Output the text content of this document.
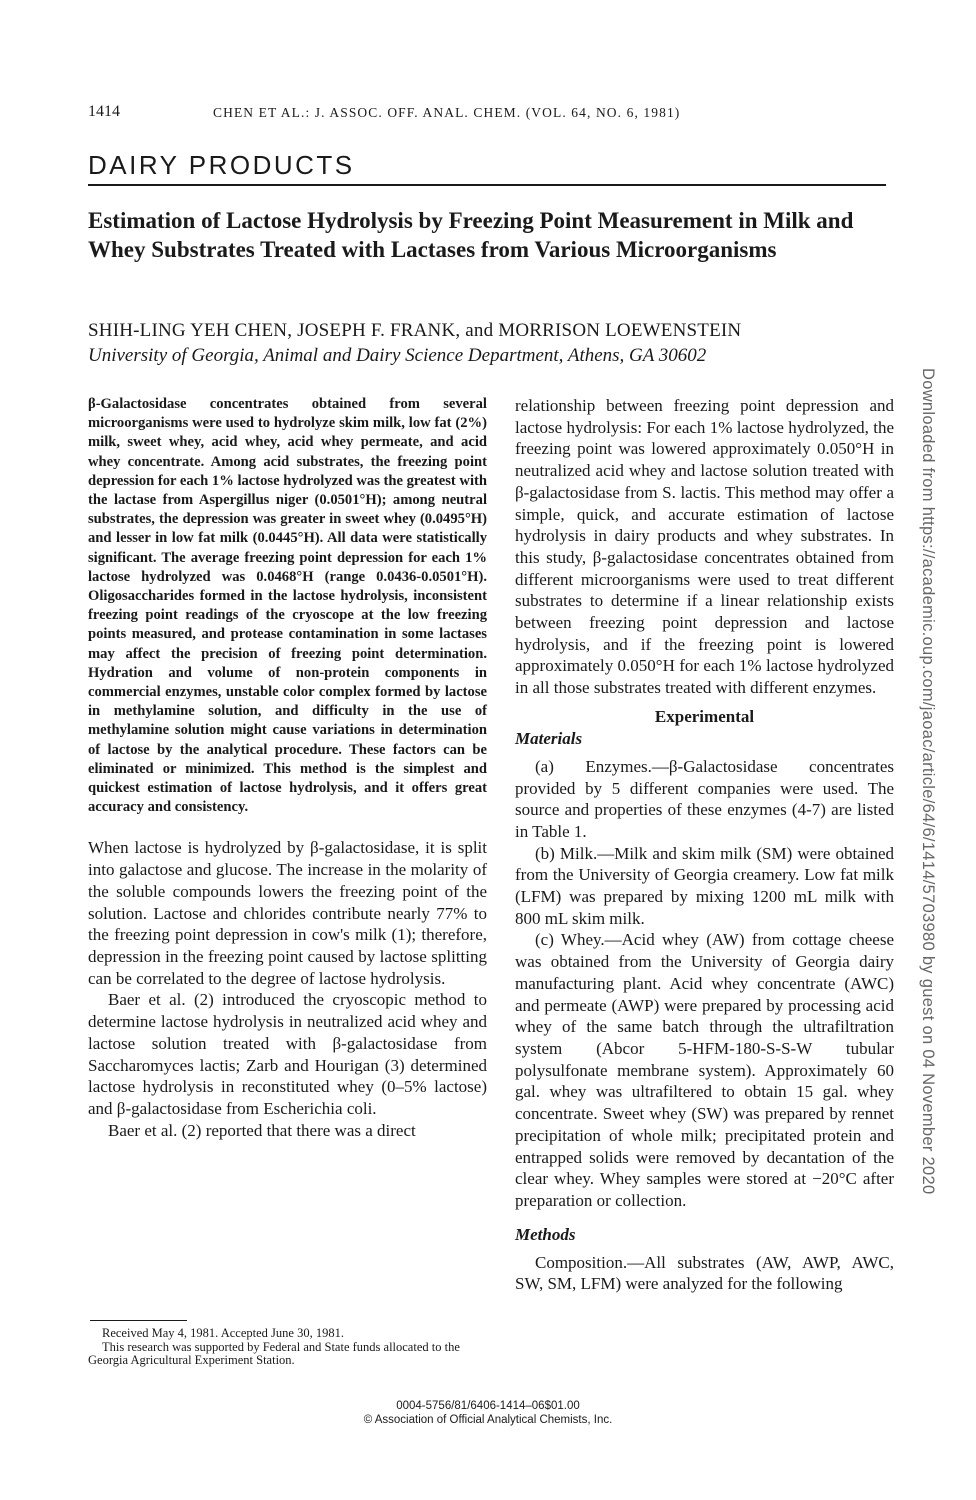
1414	CHEN ET AL.: J. ASSOC. OFF. ANAL. CHEM. (VOL. 64, NO. 6, 1981)
DAIRY PRODUCTS
Estimation of Lactose Hydrolysis by Freezing Point Measurement in Milk and Whey Substrates Treated with Lactases from Various Microorganisms
SHIH-LING YEH CHEN, JOSEPH F. FRANK, and MORRISON LOEWENSTEIN
University of Georgia, Animal and Dairy Science Department, Athens, GA 30602

β-Galactosidase concentrates obtained from several microorganisms were used to hydrolyze skim milk, low fat (2%) milk, sweet whey, acid whey, acid whey permeate, and acid whey concentrate. Among acid substrates, the freezing point depression for each 1% lactose hydrolyzed was the greatest with the lactase from Aspergillus niger (0.0501°H); among neutral substrates, the depression was greater in sweet whey (0.0495°H) and lesser in low fat milk (0.0445°H). All data were statistically significant. The average freezing point depression for each 1% lactose hydrolyzed was 0.0468°H (range 0.0436-0.0501°H). Oligosaccharides formed in the lactose hydrolysis, inconsistent freezing point readings of the cryoscope at the low freezing points measured, and protease contamination in some lactases may affect the precision of freezing point determination. Hydration and volume of non-protein components in commercial enzymes, unstable color complex formed by lactose in methylamine solution, and difficulty in the use of methylamine solution might cause variations in determination of lactose by the analytical procedure. These factors can be eliminated or minimized. This method is the simplest and quickest estimation of lactose hydrolysis, and it offers great accuracy and consistency.

When lactose is hydrolyzed by β-galactosidase, it is split into galactose and glucose. The increase in the molarity of the soluble compounds lowers the freezing point of the solution. Lactose and chlorides contribute nearly 77% to the freezing point depression in cow's milk (1); therefore, depression in the freezing point caused by lactose splitting can be correlated to the degree of lactose hydrolysis.

Baer et al. (2) introduced the cryoscopic method to determine lactose hydrolysis in neutralized acid whey and lactose solution treated with β-galactosidase from Saccharomyces lactis; Zarb and Hourigan (3) determined lactose hydrolysis in reconstituted whey (0–5% lactose) and β-galactosidase from Escherichia coli.

Baer et al. (2) reported that there was a direct

relationship between freezing point depression and lactose hydrolysis: For each 1% lactose hydrolyzed, the freezing point was lowered approximately 0.050°H in neutralized acid whey and lactose solution treated with β-galactosidase from S. lactis. This method may offer a simple, quick, and accurate estimation of lactose hydrolysis in dairy products and whey substrates. In this study, β-galactosidase concentrates obtained from different microorganisms were used to treat different substrates to determine if a linear relationship exists between freezing point depression and lactose hydrolysis, and if the freezing point is lowered approximately 0.050°H for each 1% lactose hydrolyzed in all those substrates treated with different enzymes.

Experimental

Materials

(a) Enzymes.—β-Galactosidase concentrates provided by 5 different companies were used. The source and properties of these enzymes (4-7) are listed in Table 1.

(b) Milk.—Milk and skim milk (SM) were obtained from the University of Georgia creamery. Low fat milk (LFM) was prepared by mixing 1200 mL milk with 800 mL skim milk.

(c) Whey.—Acid whey (AW) from cottage cheese was obtained from the University of Georgia dairy manufacturing plant. Acid whey concentrate (AWC) and permeate (AWP) were prepared by processing acid whey of the same batch through the ultrafiltration system (Abcor 5-HFM-180-S-S-W tubular polysulfonate membrane system). Approximately 60 gal. whey was ultrafiltered to obtain 15 gal. whey concentrate. Sweet whey (SW) was prepared by rennet precipitation of whole milk; precipitated protein and entrapped solids were removed by decantation of the clear whey. Whey samples were stored at −20°C after preparation or collection.

Methods

Composition.—All substrates (AW, AWP, AWC, SW, SM, LFM) were analyzed for the following

Received May 4, 1981. Accepted June 30, 1981.

This research was supported by Federal and State funds allocated to the Georgia Agricultural Experiment Station.

0004-5756/81/6406-1414–06$01.00
© Association of Official Analytical Chemists, Inc.
Downloaded from https://academic.oup.com/jaoac/article/64/6/1414/5703980 by guest on 04 November 2020
